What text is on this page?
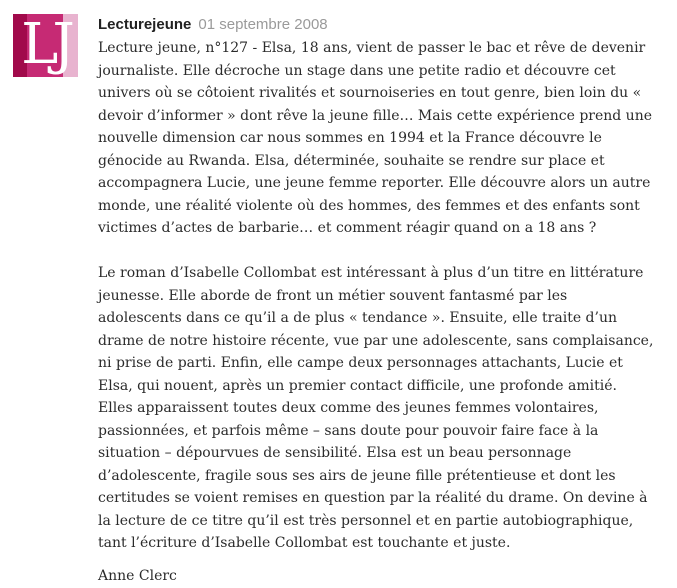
LJ	Lecturejeune 01 septembre 2008

Lecture jeune, n°127 - Elsa, 18 ans, vient de passer le bac et rêve de devenir
journaliste. Elle décroche un stage dans une petite radio et découvre cet
univers où se côtoient rivalités et sournoiseries en tout genre, bien loin du «
devoir d’informer » dont rêve la jeune fille… Mais cette expérience prend une
nouvelle dimension car nous sommes en 1994 et la France découvre le
génocide au Rwanda. Elsa, déterminée, souhaite se rendre sur place et
accompagnera Lucie, une jeune femme reporter. Elle découvre alors un autre
monde, une réalité violente où des hommes, des femmes et des enfants sont
victimes d’actes de barbarie… et comment réagir quand on a 18 ans ?

Le roman d’Isabelle Collombat est intéressant à plus d’un titre en littérature
jeunesse. Elle aborde de front un métier souvent fantasmé par les
adolescents dans ce qu’il a de plus « tendance ». Ensuite, elle traite d’un
drame de notre histoire récente, vue par une adolescente, sans complaisance,
ni prise de parti. Enfin, elle campe deux personnages attachants, Lucie et
Elsa, qui nouent, après un premier contact difficile, une profonde amitié.
Elles apparaissent toutes deux comme des jeunes femmes volontaires,
passionnées, et parfois même – sans doute pour pouvoir faire face à la
situation – dépourvues de sensibilité. Elsa est un beau personnage
d’adolescente, fragile sous ses airs de jeune fille prétentieuse et dont les
certitudes se voient remises en question par la réalité du drame. On devine à
la lecture de ce titre qu’il est très personnel et en partie autobiographique,
tant l’écriture d’Isabelle Collombat est touchante et juste.

Anne Clerc
